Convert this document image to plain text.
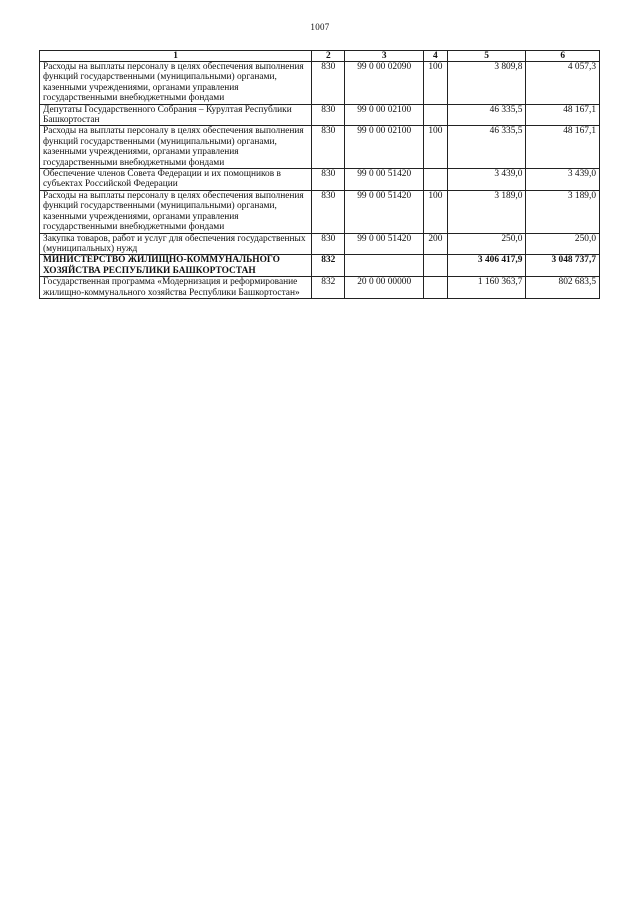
1007
1	2	3	4	5	6
Расходы на выплаты персоналу в целях обеспечения выполнения функций государственными (муниципальными) органами, казенными учреждениями, органами управления государственными внебюджетными фондами	830	99 0 00 02090	100	3 809,8	4 057,3
Депутаты Государственного Собрания – Курултая Республики Башкортостан	830	99 0 00 02100		46 335,5	48 167,1
Расходы на выплаты персоналу в целях обеспечения выполнения функций государственными (муниципальными) органами, казенными учреждениями, органами управления государственными внебюджетными фондами	830	99 0 00 02100	100	46 335,5	48 167,1
Обеспечение членов Совета Федерации и их помощников в субъектах Российской Федерации	830	99 0 00 51420		3 439,0	3 439,0
Расходы на выплаты персоналу в целях обеспечения выполнения функций государственными (муниципальными) органами, казенными учреждениями, органами управления государственными внебюджетными фондами	830	99 0 00 51420	100	3 189,0	3 189,0
Закупка товаров, работ и услуг для обеспечения государственных (муниципальных) нужд	830	99 0 00 51420	200	250,0	250,0
МИНИСТЕРСТВО ЖИЛИЩНО-КОММУНАЛЬНОГО ХОЗЯЙСТВА РЕСПУБЛИКИ БАШКОРТОСТАН	832			3 406 417,9	3 048 737,7
Государственная программа «Модернизация и реформирование жилищно-коммунального хозяйства Республики Башкортостан»	832	20 0 00 00000		1 160 363,7	802 683,5
